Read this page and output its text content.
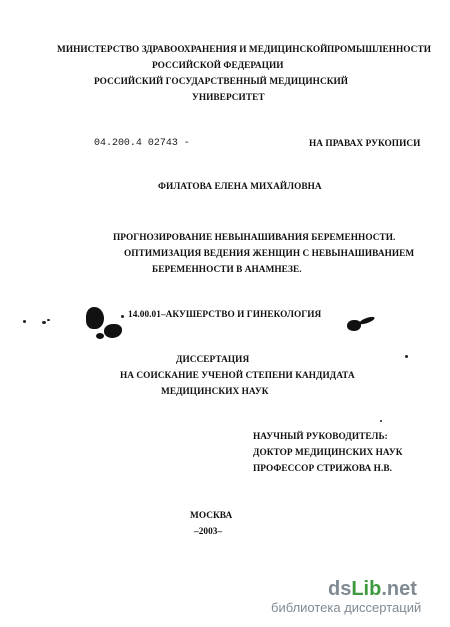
МИНИСТЕРСТВО ЗДРАВООХРАНЕНИЯ И МЕДИЦИНСКОЙ ПРОМЫШЛЕННОСТИ
РОССИЙСКОЙ ФЕДЕРАЦИИ
РОССИЙСКИЙ ГОСУДАРСТВЕННЫЙ МЕДИЦИНСКИЙ
УНИВЕРСИТЕТ
04.200.4 02743 -	НА ПРАВАХ РУКОПИСИ
ФИЛАТОВА ЕЛЕНА МИХАЙЛОВНА
ПРОГНОЗИРОВАНИЕ НЕВЫНАШИВАНИЯ БЕРЕМЕННОСТИ.
ОПТИМИЗАЦИЯ ВЕДЕНИЯ ЖЕНЩИН С НЕВЫНАШИВАНИЕМ
БЕРЕМЕННОСТИ В АНАМНЕЗЕ.
14.00.01–АКУШЕРСТВО И ГИНЕКОЛОГИЯ
ДИССЕРТАЦИЯ
НА СОИСКАНИЕ УЧЕНОЙ СТЕПЕНИ КАНДИДАТА
МЕДИЦИНСКИХ НАУК
НАУЧНЫЙ РУКОВОДИТЕЛЬ:
ДОКТОР МЕДИЦИНСКИХ НАУК
ПРОФЕССОР СТРИЖОВА Н.В.
МОСКВА
–2003–
dsLib.net
библиотека диссертаций
